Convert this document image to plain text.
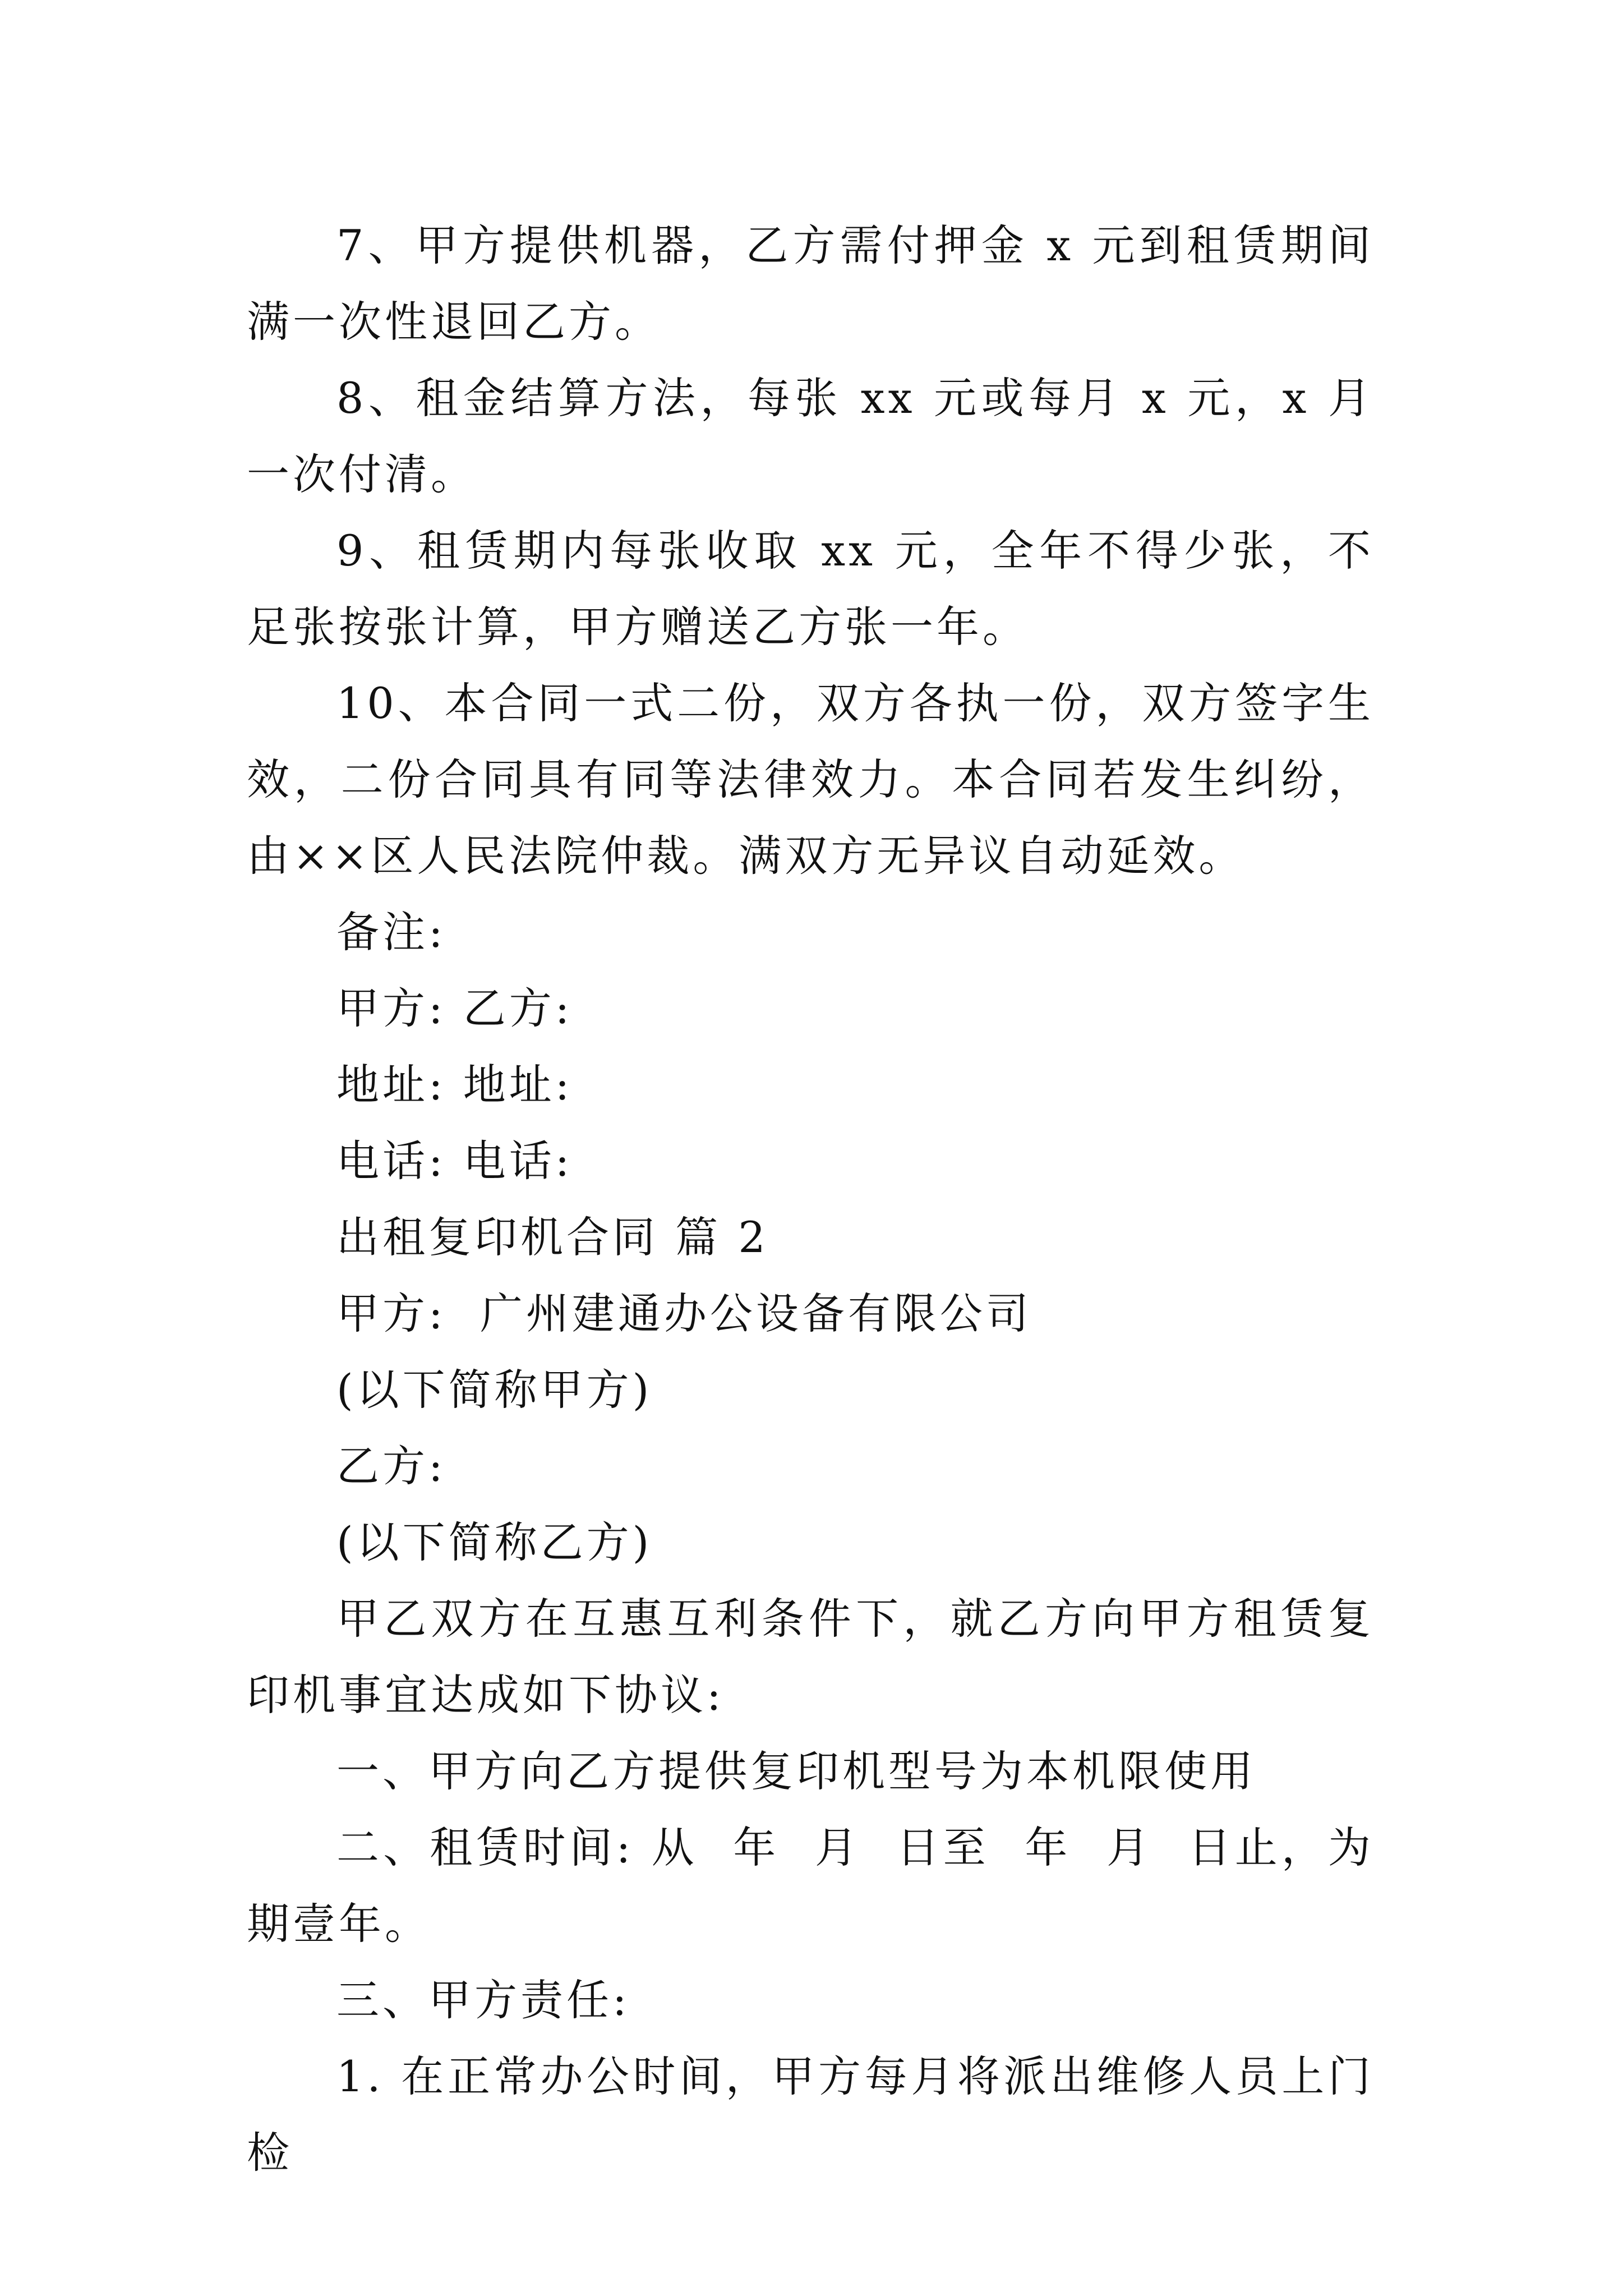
7、甲方提供机器，乙方需付押金 x 元到租赁期间满一次性退回乙方。

8、租金结算方法，每张 xx 元或每月 x 元，x 月一次付清。

9、租赁期内每张收取 xx 元，全年不得少张，不足张按张计算，甲方赠送乙方张一年。

10、本合同一式二份，双方各执一份，双方签字生效，二份合同具有同等法律效力。本合同若发生纠纷，由××区人民法院仲裁。满双方无异议自动延效。

备注:

甲方: 乙方:

地址: 地址:

电话: 电话:

出租复印机合同 篇 2

甲方:  广州建通办公设备有限公司

(以下简称甲方)

乙方:

(以下简称乙方)

甲乙双方在互惠互利条件下，就乙方向甲方租赁复印机事宜达成如下协议:

一、甲方向乙方提供复印机型号为本机限使用

二、租赁时间: 从  年  月  日至  年  月  日止，为期壹年。

三、甲方责任:

1. 在正常办公时间，甲方每月将派出维修人员上门检
